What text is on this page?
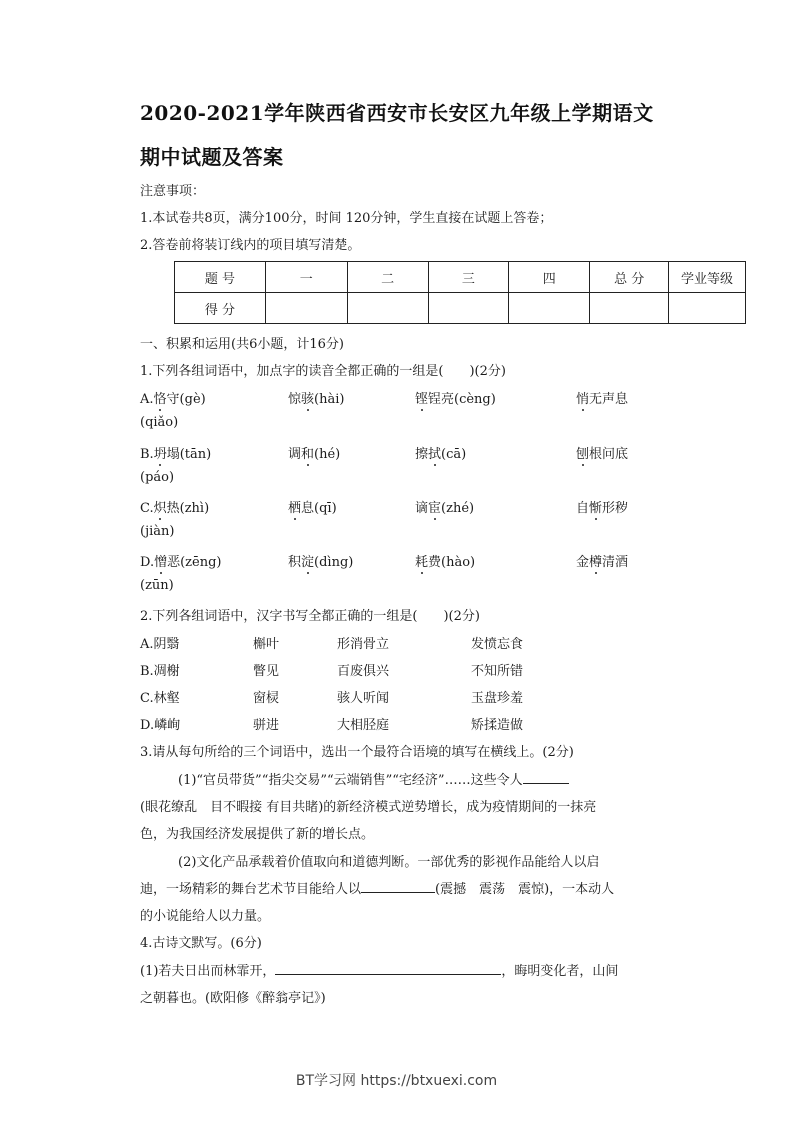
2020-2021学年陕西省西安市长安区九年级上学期语文
期中试题及答案
注意事项：
1.本试卷共8页，满分100分，时间 120分钟，学生直接在试题上答卷；
2.答卷前将装订线内的项目填写清楚。
题 号	一	二	三	四	总 分	学业等级
得 分						
一、积累和运用(共6小题，计16分)
1.下列各组词语中，加点字的读音全都正确的一组是(　　)(2分)
A.恪守(gè)	惊骇(hài)	铿锃亮(cèng)	悄无声息
(qiǎo)
B.坍塌(tān)	调和(hé)	擦拭(cā)	刨根问底
(páo)
C.炽热(zhì)	栖息(qī)	谪宦(zhé)	自惭形秽
(jiàn)
D.憎恶(zēng)	积淀(dìng)	耗费(hào)	金樽清酒
(zūn)
2.下列各组词语中，汉字书写全都正确的一组是(　　)(2分)
A.阴翳	槲叶	形消骨立	发愤忘食
B.凋榭	瞥见	百废俱兴	不知所错
C.林壑	窗棂	骇人听闻	玉盘珍羞
D.嶙峋	骈进	大相胫庭	矫揉造做
3.请从每句所给的三个词语中，选出一个最符合语境的填写在横线上。(2分)
(1)“官员带货”“指尖交易”“云端销售”“宅经济”……这些令人
(眼花缭乱　目不暇接 有目共睹)的新经济模式逆势增长，成为疫情期间的一抹亮
色，为我国经济发展提供了新的增长点。
(2)文化产品承载着价值取向和道德判断。一部优秀的影视作品能给人以启
迪，一场精彩的舞台艺术节目能给人以	(震撼　震荡　震惊)，一本动人
的小说能给人以力量。
4.古诗文默写。(6分)
(1)若夫日出而林霏开，	，晦明变化者，山间
之朝暮也。(欧阳修《醉翁亭记》)
BT学习网 https://btxuexi.com
